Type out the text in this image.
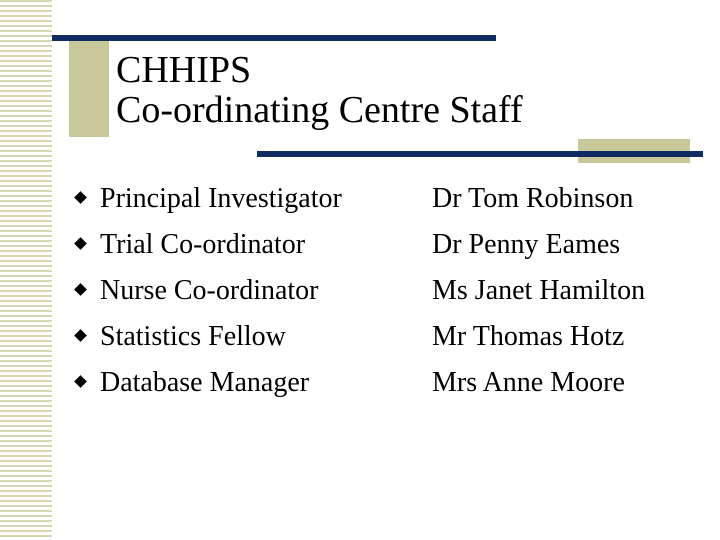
CHHIPS
Co-ordinating Centre Staff
Principal Investigator	Dr Tom Robinson
Trial Co-ordinator	Dr Penny Eames
Nurse Co-ordinator	Ms Janet Hamilton
Statistics Fellow	Mr Thomas Hotz
Database Manager	Mrs Anne Moore
